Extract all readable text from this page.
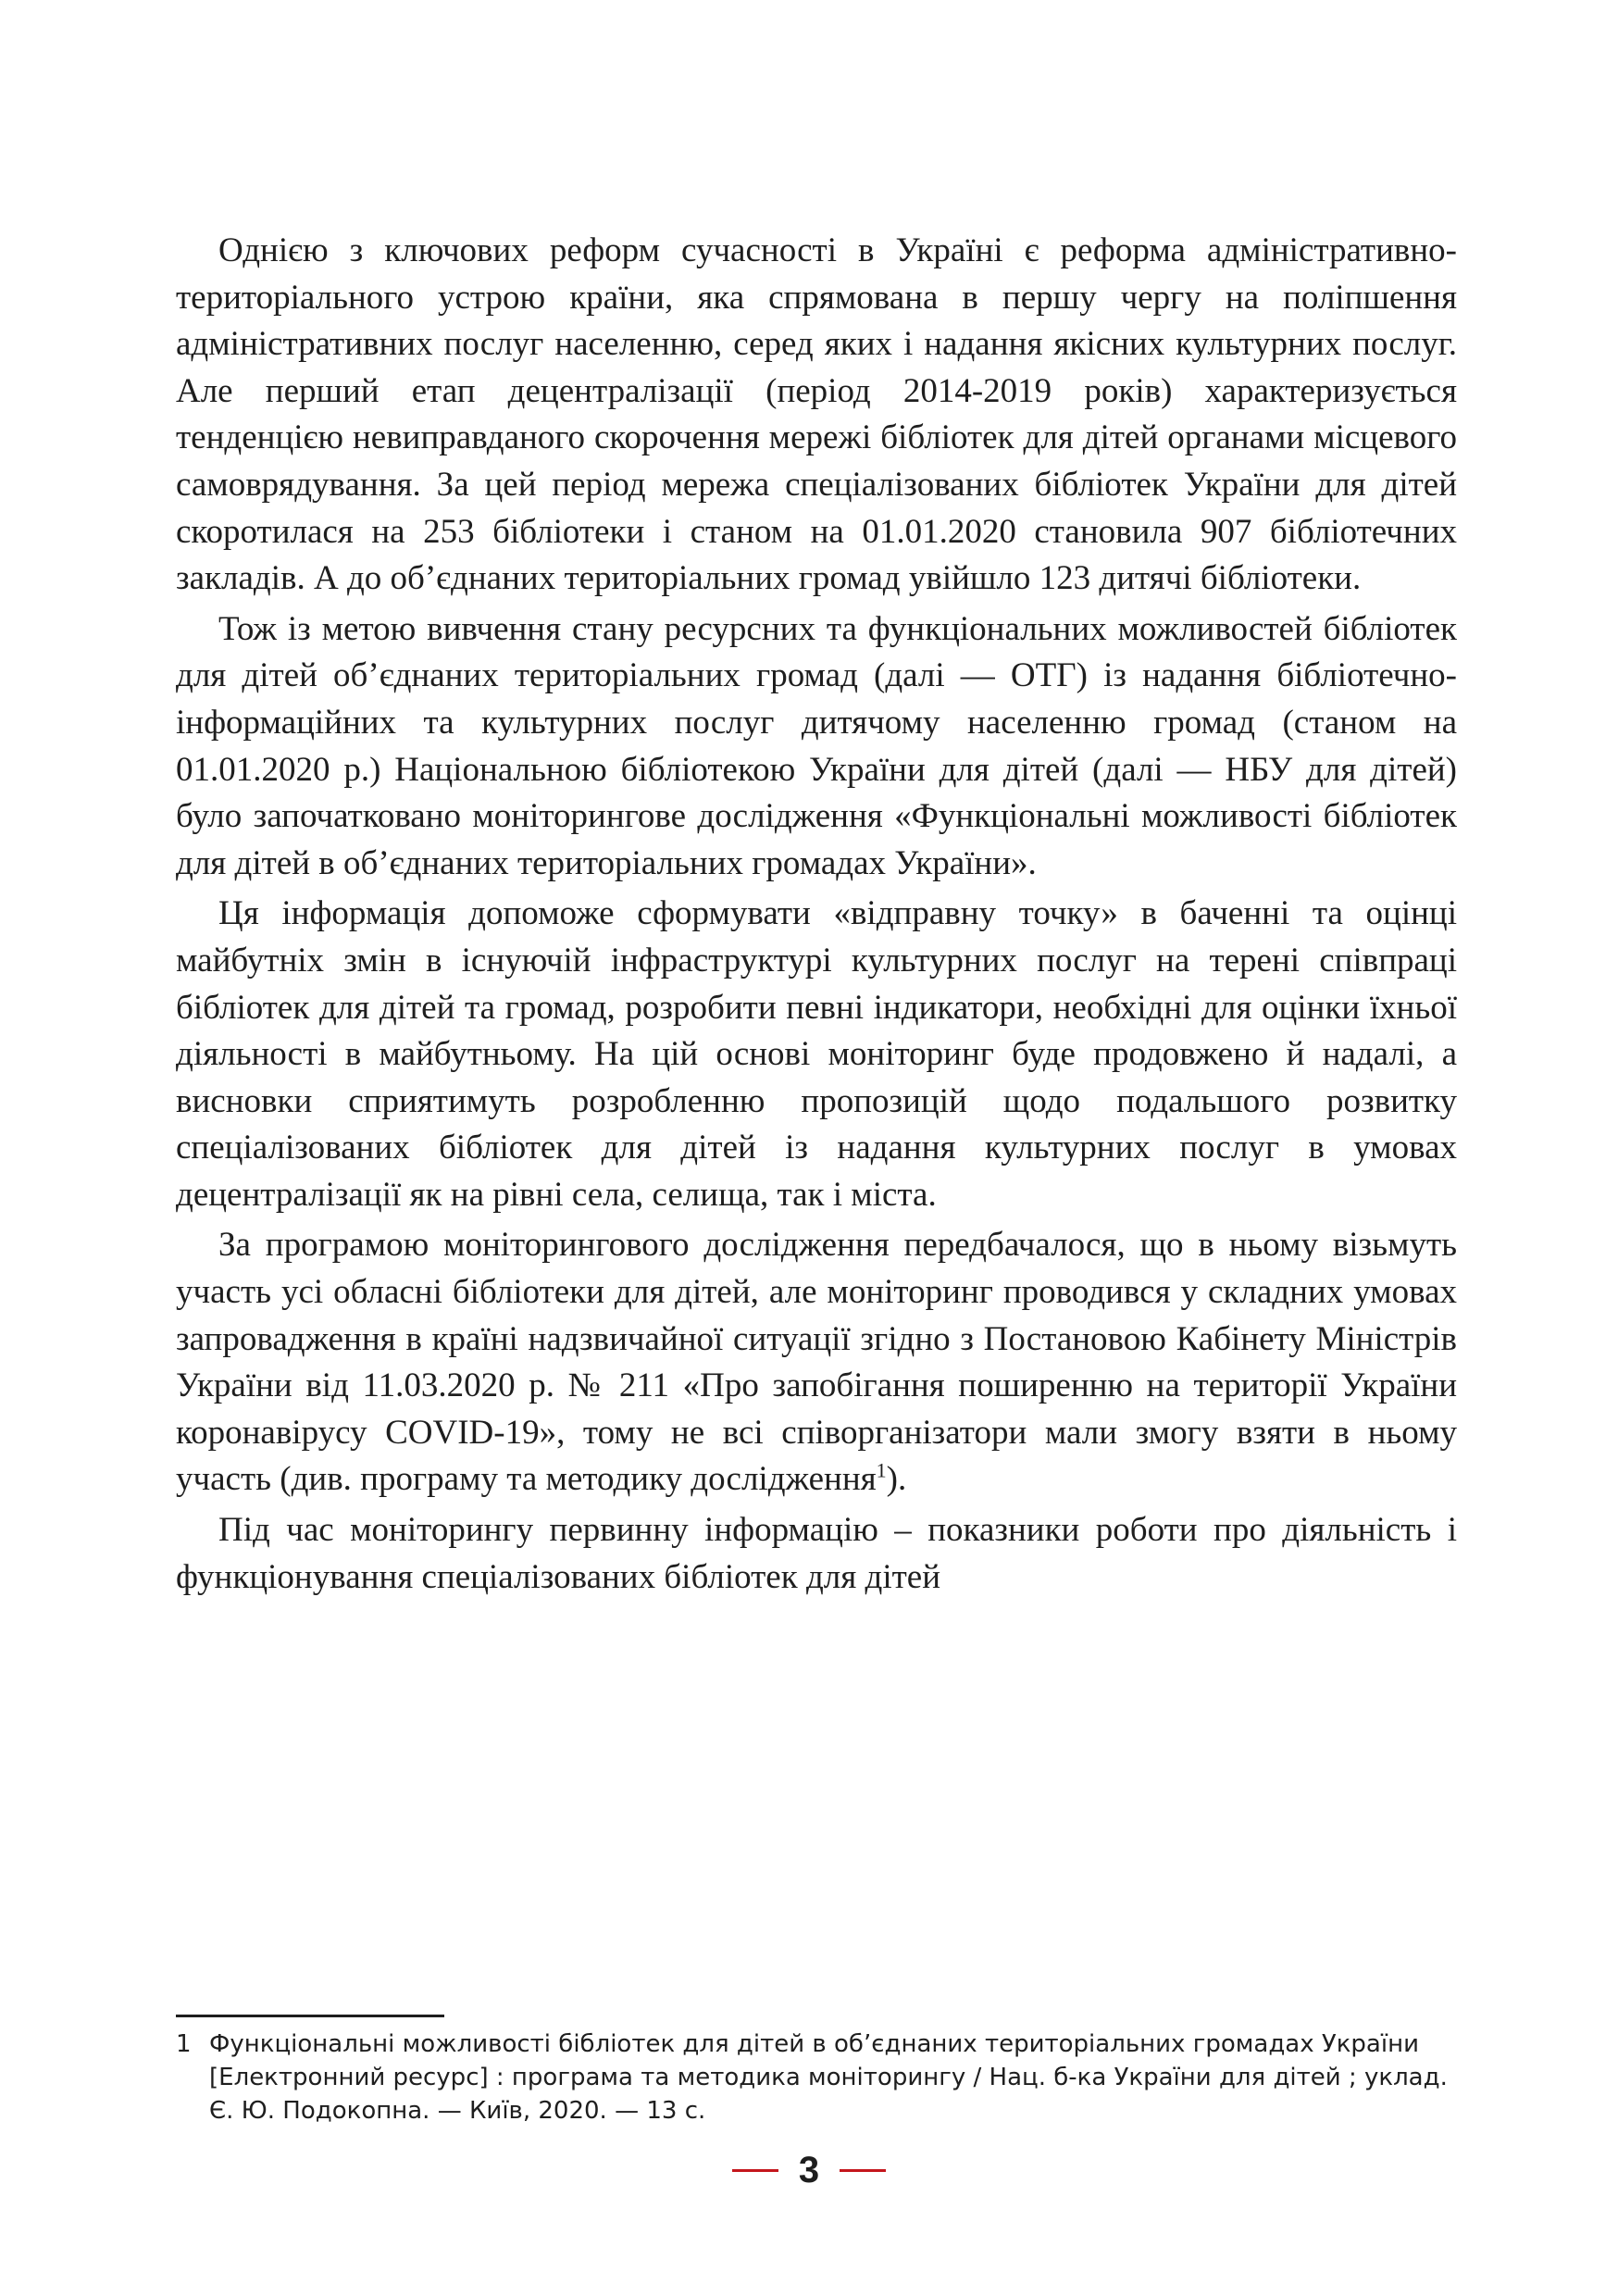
Однією з ключових реформ сучасності в Україні є реформа адміністративно-територіального устрою країни, яка спрямована в першу чергу на поліпшення адміністративних послуг населенню, серед яких і надання якісних культурних послуг. Але перший етап децентралізації (період 2014-2019 років) характеризується тенденцією невиправданого скорочення мережі бібліотек для дітей органами місцевого самоврядування. За цей період мережа спеціалізованих бібліотек України для дітей скоротилася на 253 бібліотеки і станом на 01.01.2020 становила 907 бібліотечних закладів. А до об’єднаних територіальних громад увійшло 123 дитячі бібліотеки.

Тож із метою вивчення стану ресурсних та функціональних можливостей бібліотек для дітей об’єднаних територіальних громад (далі — ОТГ) із надання бібліотечно-інформаційних та культурних послуг дитячому населенню громад (станом на 01.01.2020 р.) Національною бібліотекою України для дітей (далі — НБУ для дітей) було започатковано моніторингове дослідження «Функціональні можливості бібліотек для дітей в об’єднаних територіальних громадах України».

Ця інформація допоможе сформувати «відправну точку» в баченні та оцінці майбутніх змін в існуючій інфраструктурі культурних послуг на терені співпраці бібліотек для дітей та громад, розробити певні індикатори, необхідні для оцінки їхньої діяльності в майбутньому. На цій основі моніторинг буде продовжено й надалі, а висновки сприятимуть розробленню пропозицій щодо подальшого розвитку спеціалізованих бібліотек для дітей із надання культурних послуг в умовах децентралізації як на рівні села, селища, так і міста.

За програмою моніторингового дослідження передбачалося, що в ньому візьмуть участь усі обласні бібліотеки для дітей, але моніторинг проводився у складних умовах запровадження в країні надзвичайної ситуації згідно з Постановою Кабінету Міністрів України від 11.03.2020 р. № 211 «Про запобігання поширенню на території України коронавірусу COVID-19», тому не всі співорганізатори мали змогу взяти в ньому участь (див. програму та методику дослідження$^1$).

Під час моніторингу первинну інформацію – показники роботи про діяльність і функціонування спеціалізованих бібліотек для дітей

1 Функціональні можливості бібліотек для дітей в об’єднаних територіальних громадах України [Електронний ресурс] : програма та методика моніторингу / Нац. б-ка України для дітей ; уклад. Є. Ю. Подокопна. — Київ, 2020. — 13 с.
3
